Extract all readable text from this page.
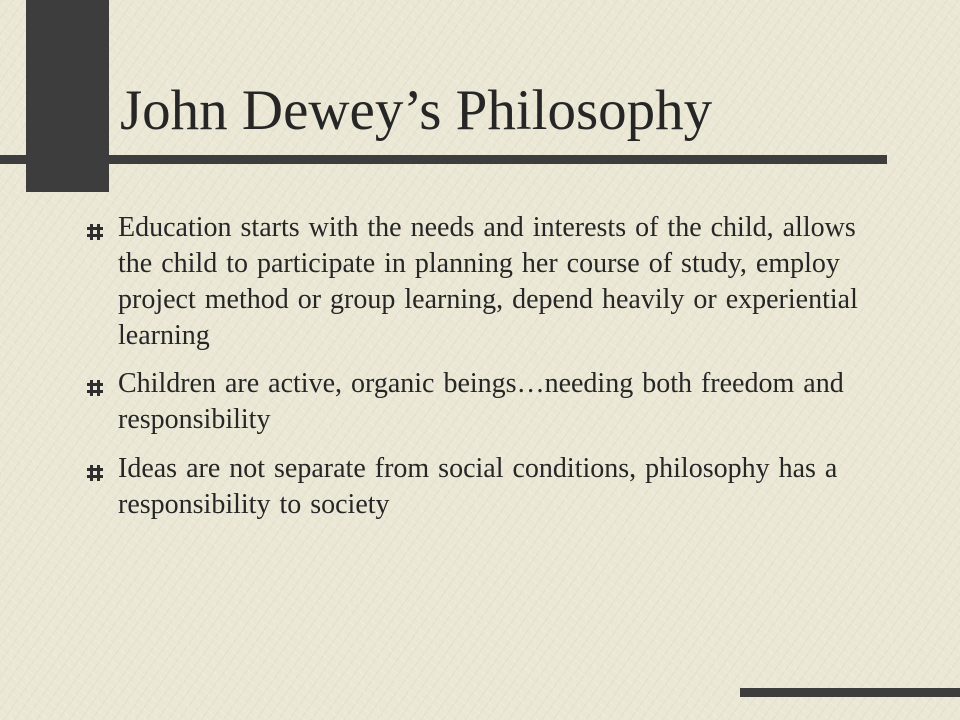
John Dewey’s Philosophy
Education starts with the needs and interests of the child, allows the child to participate in planning her course of study, employ project method or group learning, depend heavily or experiential learning
Children are active, organic beings…needing both freedom and responsibility
Ideas are not separate from social conditions, philosophy has a responsibility to society
